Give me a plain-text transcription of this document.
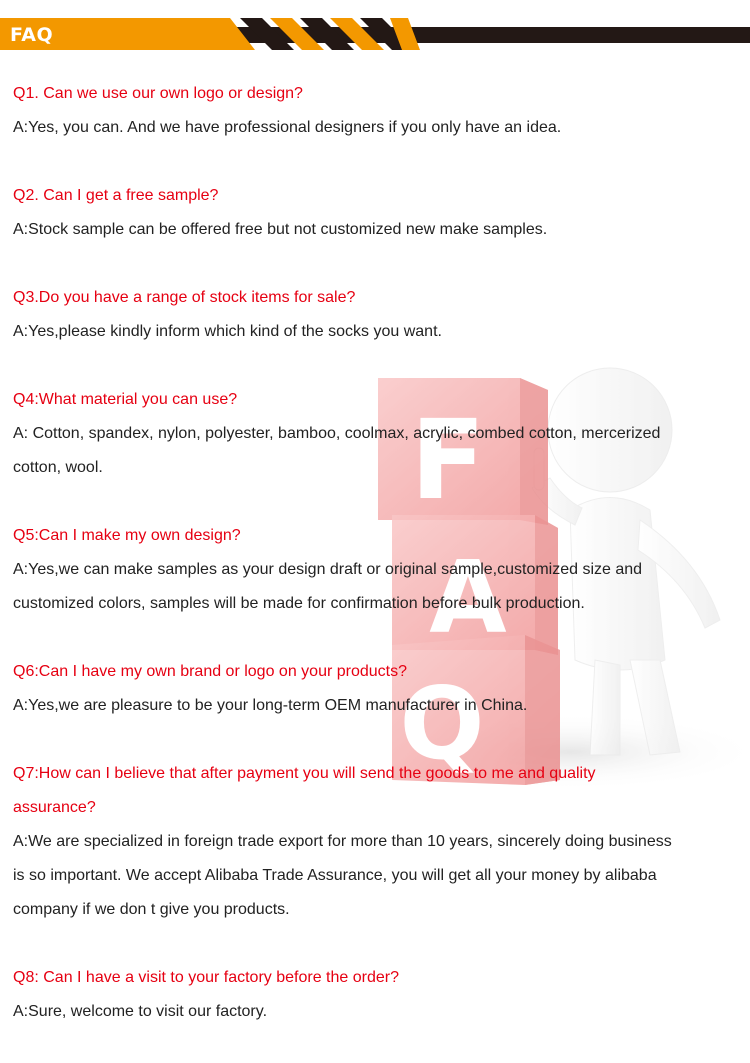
FAQ
F
A
Q
Q1. Can we use our own logo or design?
A:Yes, you can. And we have professional designers if you only have an idea.
Q2. Can I get a free sample?
A:Stock sample can be offered free but not customized new make samples.
Q3.Do you have a range of stock items for sale?
A:Yes,please kindly inform which kind of the socks you want.
Q4:What material you can use?
A: Cotton, spandex, nylon, polyester, bamboo, coolmax, acrylic, combed cotton, mercerized
cotton, wool.
Q5:Can I make my own design?
A:Yes,we can make samples as your design draft or original sample,customized size and
customized colors, samples will be made for confirmation before bulk production.
Q6:Can I have my own brand or logo on your products?
A:Yes,we are pleasure to be your long-term OEM manufacturer in China.
Q7:How can I believe that after payment you will send the goods to me and quality
assurance?
A:We are specialized in foreign trade export for more than 10 years, sincerely doing business
is so important. We accept Alibaba Trade Assurance, you will get all your money by alibaba
company if we don t give you products.
Q8: Can I have a visit to your factory before the order?
A:Sure, welcome to visit our factory.
